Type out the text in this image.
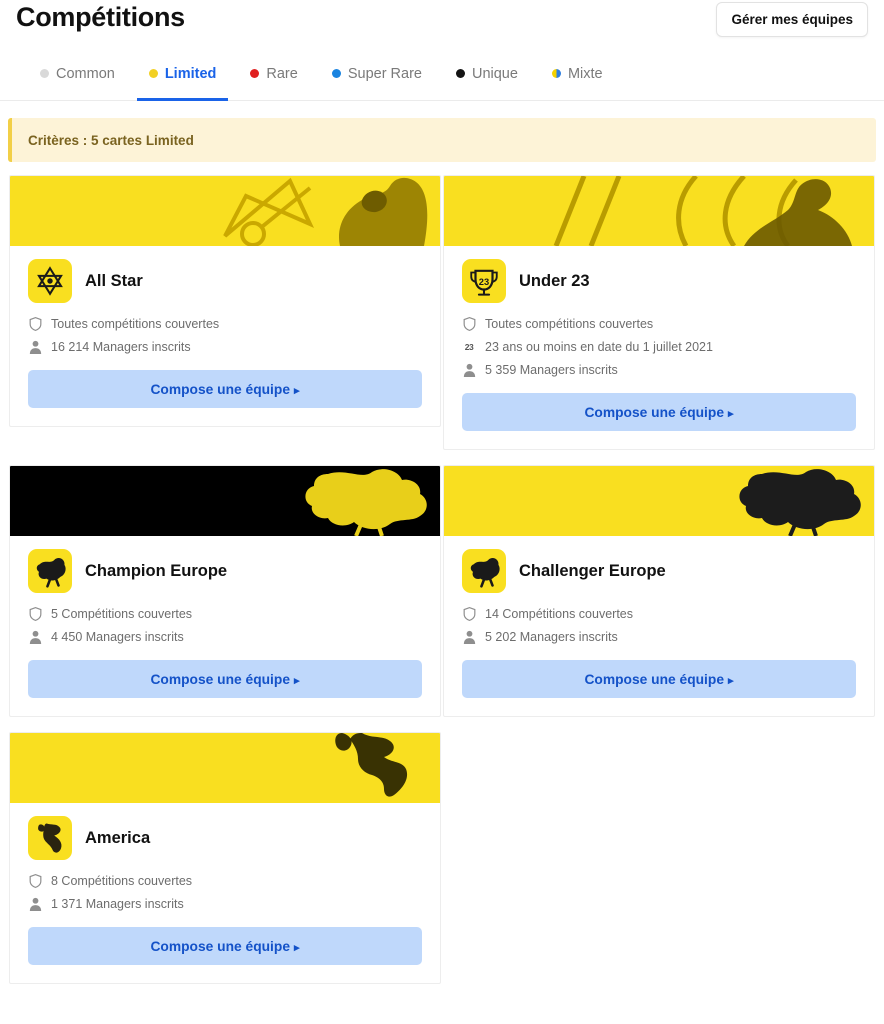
Compétitions	Gérer mes équipes
Common	Limited	Rare	Super Rare	Unique	Mixte
Critères : 5 cartes Limited
All Star
Toutes compétitions couvertes
16 214 Managers inscrits
Compose une équipe ▸
23 Under 23
Toutes compétitions couvertes
23 23 ans ou moins en date du 1 juillet 2021
5 359 Managers inscrits
Compose une équipe ▸
Champion Europe
5 Compétitions couvertes
4 450 Managers inscrits
Compose une équipe ▸
Challenger Europe
14 Compétitions couvertes
5 202 Managers inscrits
Compose une équipe ▸
America
8 Compétitions couvertes
1 371 Managers inscrits
Compose une équipe ▸
